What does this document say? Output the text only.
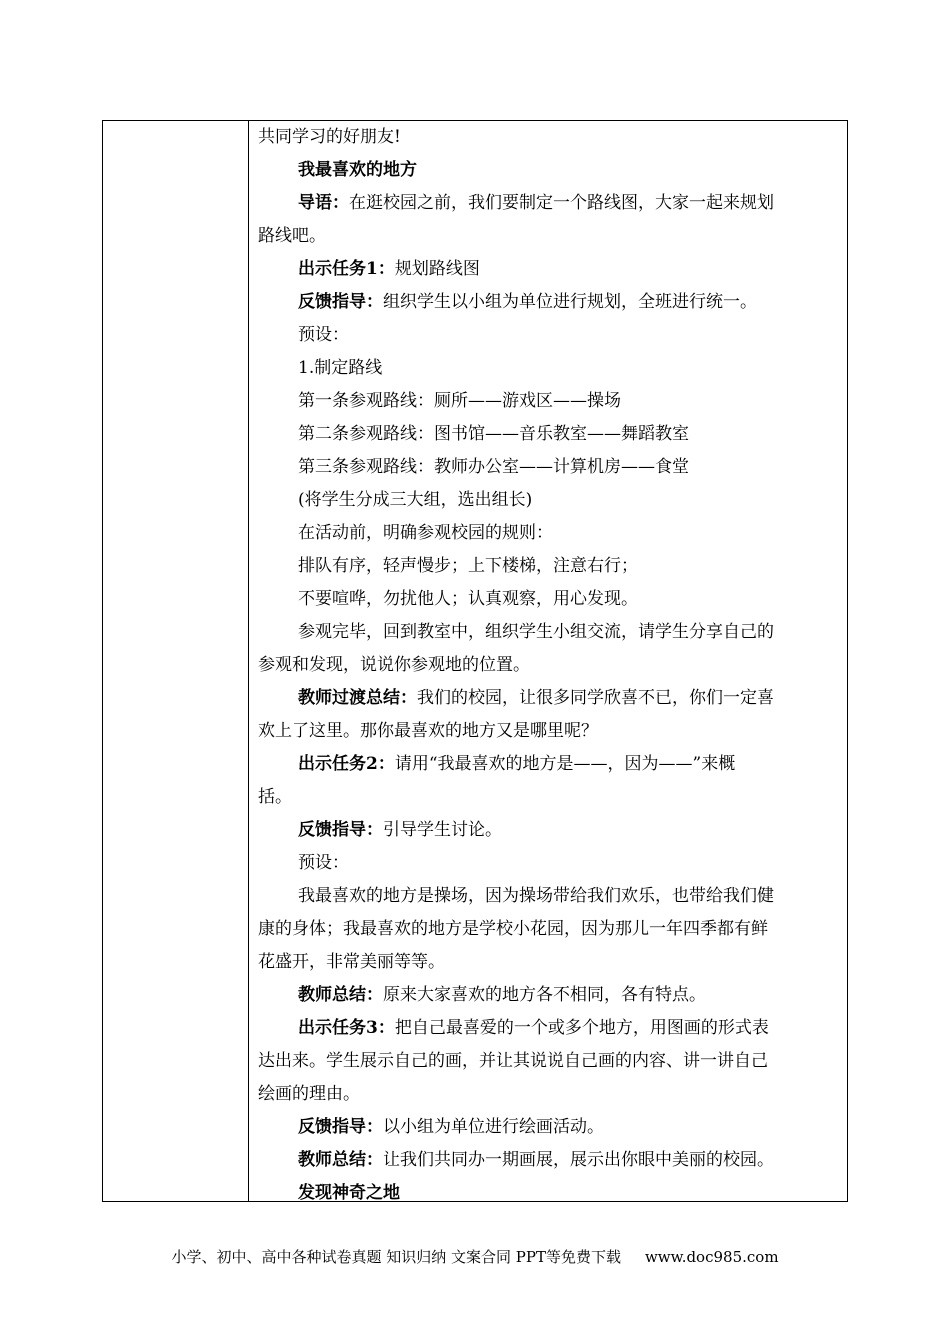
共同学习的好朋友!
我最喜欢的地方
导语：在逛校园之前，我们要制定一个路线图，大家一起来规划
路线吧。
出示任务1：规划路线图
反馈指导：组织学生以小组为单位进行规划，全班进行统一。
预设：
1.制定路线
第一条参观路线：厕所——游戏区——操场
第二条参观路线：图书馆——音乐教室——舞蹈教室
第三条参观路线：教师办公室——计算机房——食堂
(将学生分成三大组，选出组长)
在活动前，明确参观校园的规则：
排队有序，轻声慢步；上下楼梯，注意右行；
不要喧哗，勿扰他人；认真观察，用心发现。
参观完毕，回到教室中，组织学生小组交流，请学生分享自己的
参观和发现，说说你参观地的位置。
教师过渡总结：我们的校园，让很多同学欣喜不已，你们一定喜
欢上了这里。那你最喜欢的地方又是哪里呢？
出示任务2：请用“我最喜欢的地方是——，因为——”来概
括。
反馈指导：引导学生讨论。
预设：
我最喜欢的地方是操场，因为操场带给我们欢乐，也带给我们健
康的身体；我最喜欢的地方是学校小花园，因为那儿一年四季都有鲜
花盛开，非常美丽等等。
教师总结：原来大家喜欢的地方各不相同，各有特点。
出示任务3：把自己最喜爱的一个或多个地方，用图画的形式表
达出来。学生展示自己的画，并让其说说自己画的内容、讲一讲自己
绘画的理由。
反馈指导：以小组为单位进行绘画活动。
教师总结：让我们共同办一期画展，展示出你眼中美丽的校园。
发现神奇之地
小学、初中、高中各种试卷真题 知识归纳 文案合同 PPT等免费下载 www.doc985.com
